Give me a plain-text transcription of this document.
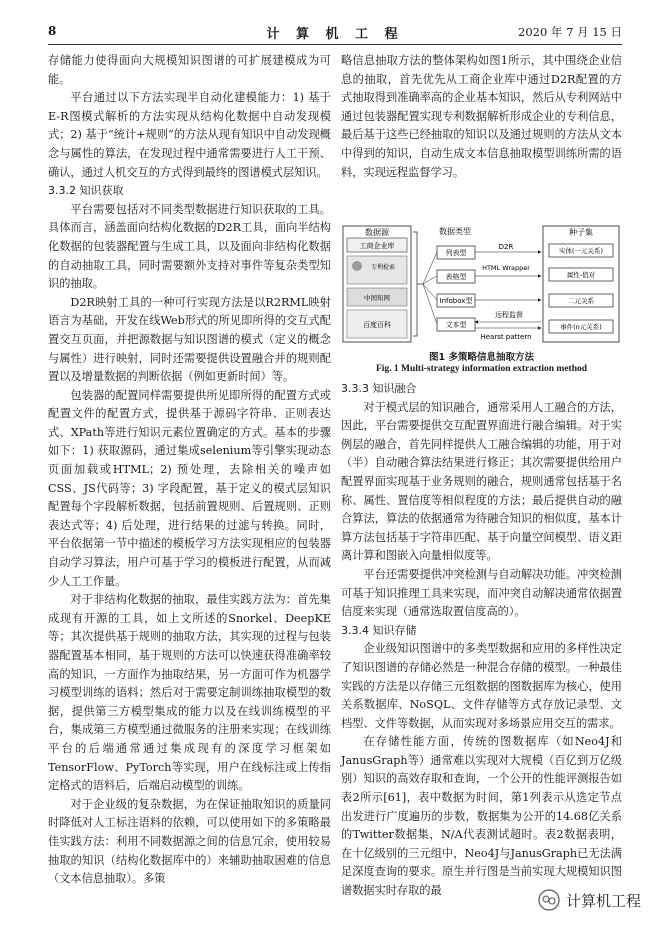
8	计 算 机 工 程	2020 年 7 月 15 日

存储能力使得面向大规模知识图谱的可扩展建模成为可能。

平台通过以下方法实现半自动化建模能力：1) 基于E-R图模式解析的方法实现从结构化数据中自动发现模式；2) 基于“统计+规则”的方法从现有知识中自动发现概念与属性的算法，在发现过程中通常需要进行人工干预、确认，通过人机交互的方式得到最终的图谱模式层知识。

3.3.2 知识获取

平台需要包括对不同类型数据进行知识获取的工具。具体而言，涵盖面向结构化数据的D2R工具，面向半结构化数据的包装器配置与生成工具，以及面向非结构化数据的自动抽取工具，同时需要额外支持对事件等复杂类型知识的抽取。

D2R映射工具的一种可行实现方法是以R2RML映射语言为基础，开发在线Web形式的所见即所得的交互式配置交互页面，并把源数据与知识图谱的模式（定义的概念与属性）进行映射，同时还需要提供设置融合并的规则配置以及增量数据的判断依据（例如更新时间）等。

包装器的配置同样需要提供所见即所得的配置方式或配置文件的配置方式，提供基于源码字符串、正则表达式、XPath等进行知识元素位置确定的方式。基本的步骤如下：1) 获取源码，通过集成selenium等引擎实现动态页面加载或HTML；2) 预处理，去除相关的噪声如CSS、JS代码等；3) 字段配置，基于定义的模式层知识配置每个字段解析数据，包括前置规则、后置规则、正则表达式等；4) 后处理，进行结果的过滤与转换。同时，平台依据第一节中描述的模板学习方法实现相应的包装器自动学习算法，用户可基于学习的模板进行配置，从而减少人工工作量。

对于非结构化数据的抽取，最佳实践方法为：首先集成现有开源的工具，如上文所述的Snorkel、DeepKE等；其次提供基于规则的抽取方法，其实现的过程与包装器配置基本相同，基于规则的方法可以快速获得准确率较高的知识，一方面作为抽取结果，另一方面可作为机器学习模型训练的语料；然后对于需要定制训练抽取模型的数据，提供第三方模型集成的能力以及在线训练模型的平台，集成第三方模型通过微服务的注册来实现；在线训练平台的后端通常通过集成现有的深度学习框架如TensorFlow、PyTorch等实现，用户在线标注或上传指定格式的语料后，后端启动模型的训练。

对于企业级的复杂数据，为在保证抽取知识的质量同时降低对人工标注语料的依赖，可以使用如下的多策略最佳实践方法：利用不同数据源之间的信息冗余，使用较易抽取的知识（结构化数据库中的）来辅助抽取困难的信息（文本信息抽取）。多策

略信息抽取方法的整体架构如图1所示，其中围绕企业信息的抽取，首先优先从工商企业库中通过D2R配置的方式抽取得到准确率高的企业基本知识，然后从专利网站中通过包装器配置实现专利数据解析形成企业的专利信息，最后基于这些已经抽取的知识以及通过规则的方法从文本中得到的知识，自动生成文本信息抽取模型训练所需的语料，实现远程监督学习。

数据源
工商企业库
专利检索
中国知网
百度百科
数据类型
列表型
表格型
Infobox型
文本型
D2R
HTML Wrapper
远程监督
Hearst pattern
种子集
实体(一元关系)
属性-值对
二元关系
事件(n元关系)
图1 多策略信息抽取方法
Fig. 1 Multi-strategy information extraction method
3.3.3 知识融合

对于模式层的知识融合，通常采用人工融合的方法，因此，平台需要提供交互配置界面进行融合编辑。对于实例层的融合，首先同样提供人工融合编辑的功能，用于对（半）自动融合算法结果进行修正；其次需要提供给用户配置界面实现基于业务规则的融合，规则通常包括基于名称、属性、置信度等相似程度的方法；最后提供自动的融合算法，算法的依据通常为待融合知识的相似度，基本计算方法包括基于字符串匹配、基于向量空间模型、语义距离计算和图嵌入向量相似度等。

平台还需要提供冲突检测与自动解决功能。冲突检测可基于知识推理工具来实现，而冲突自动解决通常依据置信度来实现（通常选取置信度高的）。

3.3.4 知识存储

企业级知识图谱中的多类型数据和应用的多样性决定了知识图谱的存储必然是一种混合存储的模型。一种最佳实践的方法是以存储三元组数据的图数据库为核心，使用关系数据库、NoSQL、文件存储等方式存放记录型、文档型、文件等数据，从而实现对多场景应用交互的需求。

在存储性能方面，传统的图数据库（如Neo4J和JanusGraph等）通常难以实现对大规模（百亿到万亿级别）知识的高效存取和查询，一个公开的性能评测报告如表2所示[61]，表中数据为时间，第1列表示从选定节点出发进行广度遍历的步数，数据集为公开的14.68亿关系的Twitter数据集，N/A代表测试超时。表2数据表明，在十亿级别的三元组中，Neo4J与JanusGraph已无法满足深度查询的要求。原生并行图是当前实现大规模知识图谱数据实时存取的最

计算机工程
